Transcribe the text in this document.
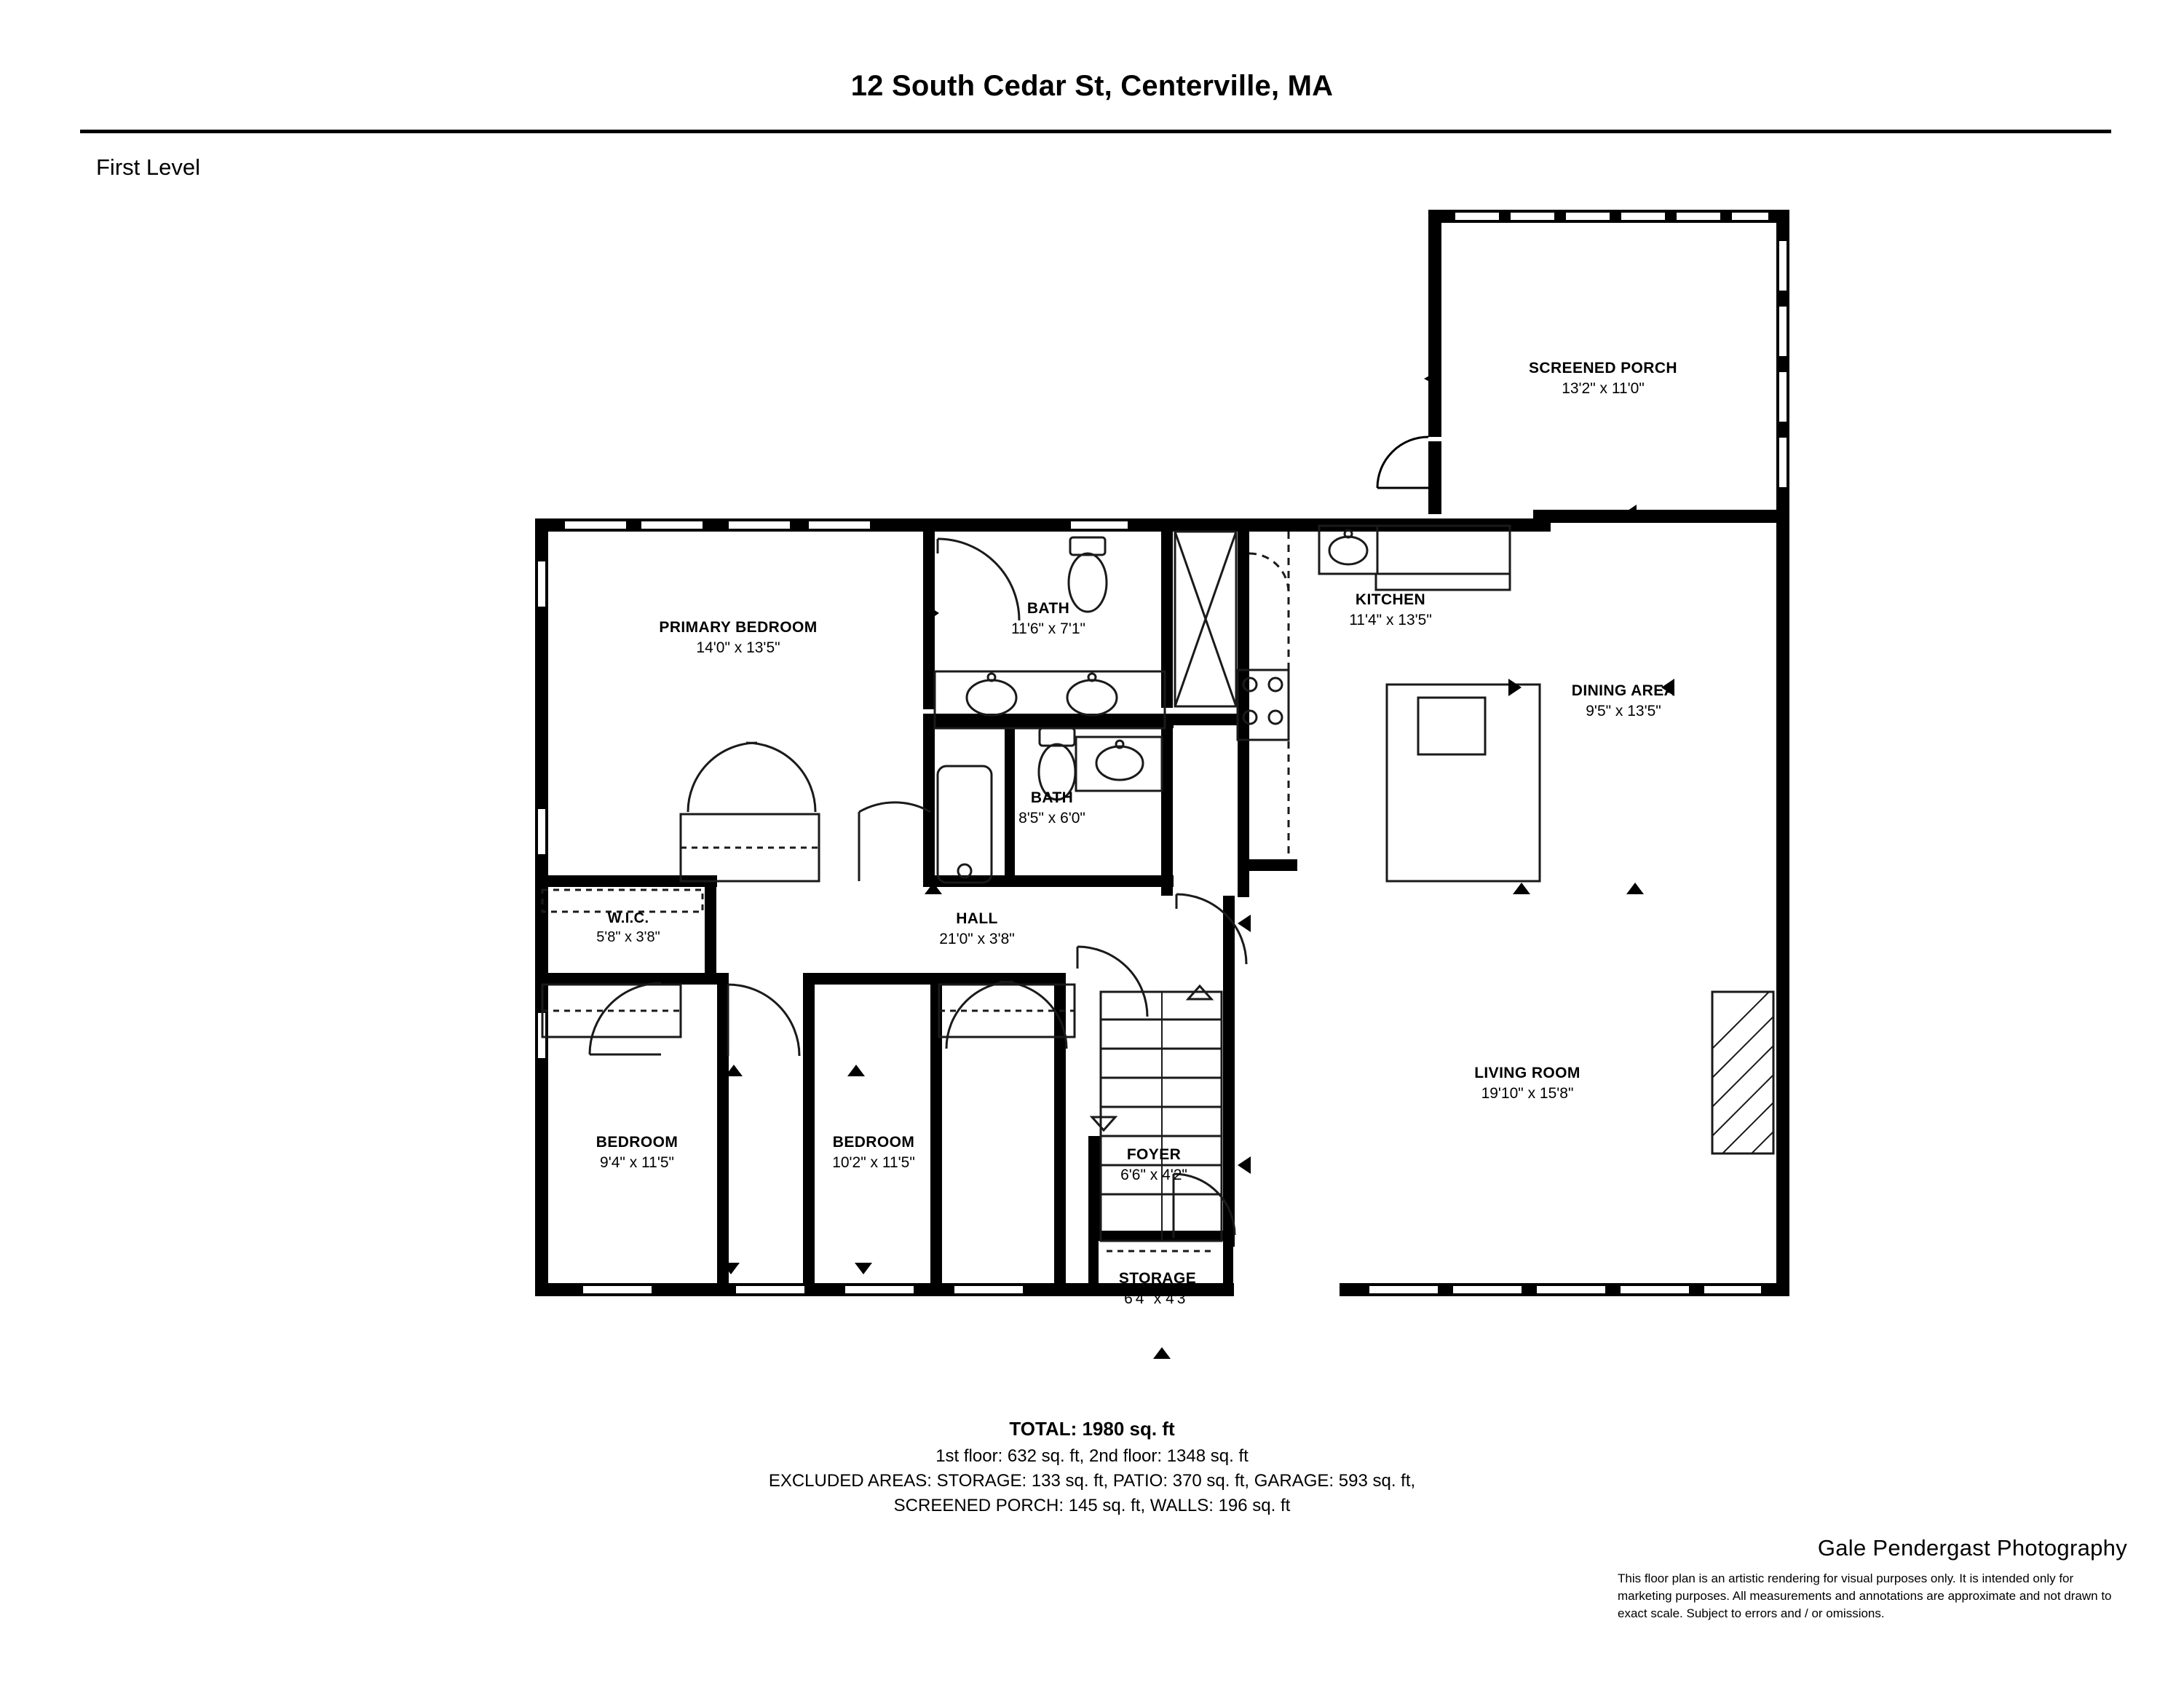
12 South Cedar St, Centerville, MA
First Level
SCREENED PORCH
13'2" x 11'0"
PRIMARY BEDROOM
14'0" x 13'5"
BATH
11'6" x 7'1"
KITCHEN
11'4" x 13'5"
DINING AREA
9'5" x 13'5"
BATH
8'5" x 6'0"
W.I.C.
5'8" x 3'8"
HALL
21'0" x 3'8"
LIVING ROOM
19'10" x 15'8"
BEDROOM
9'4" x 11'5"
BEDROOM
10'2" x 11'5"	FOYER
6'6" x 4'2"
STORAGE
6'4" x 4'3"
TOTAL: 1980 sq. ft
1st floor: 632 sq. ft, 2nd floor: 1348 sq. ft
EXCLUDED AREAS: STORAGE: 133 sq. ft, PATIO: 370 sq. ft, GARAGE: 593 sq. ft,
SCREENED PORCH: 145 sq. ft, WALLS: 196 sq. ft
Gale Pendergast Photography
This floor plan is an artistic rendering for visual purposes only. It is intended only for marketing purposes. All measurements and annotations are approximate and not drawn to exact scale. Subject to errors and / or omissions.
